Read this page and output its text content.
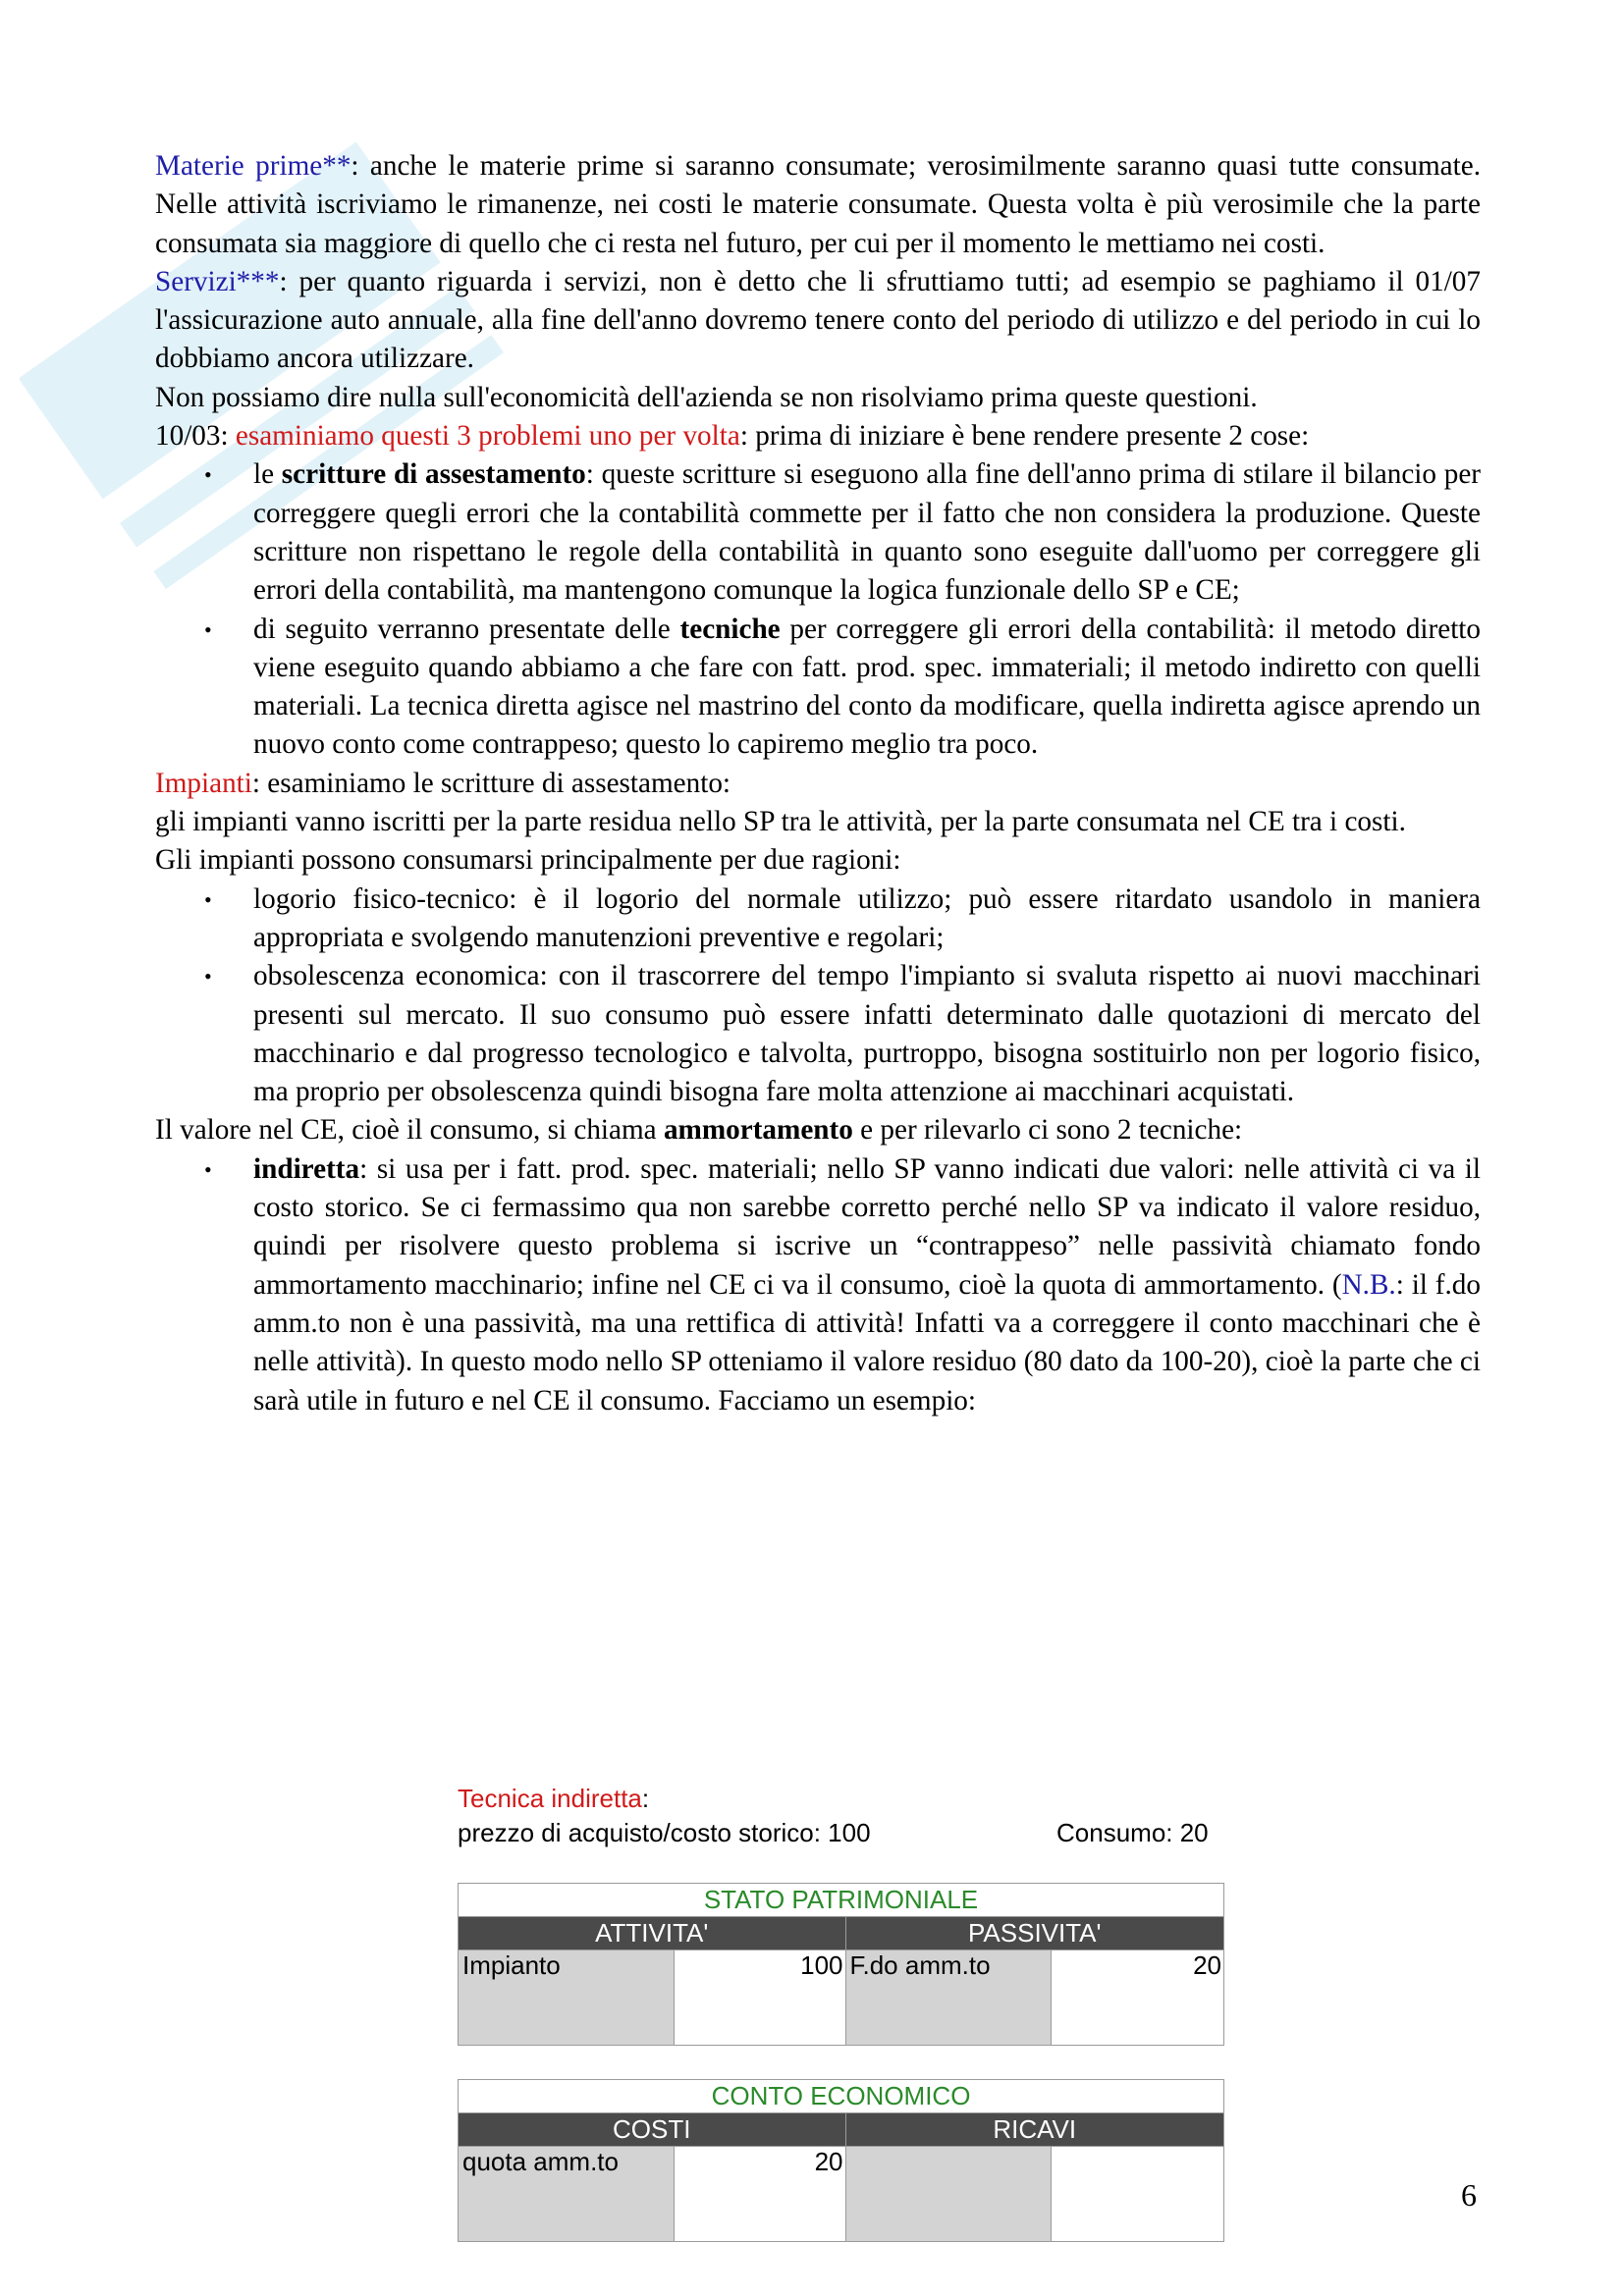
Materie prime**: anche le materie prime si saranno consumate; verosimilmente saranno quasi tutte consumate. Nelle attività iscriviamo le rimanenze, nei costi le materie consumate. Questa volta è più verosimile che la parte consumata sia maggiore di quello che ci resta nel futuro, per cui per il momento le mettiamo nei costi.

Servizi***: per quanto riguarda i servizi, non è detto che li sfruttiamo tutti; ad esempio se paghiamo il 01/07 l'assicurazione auto annuale, alla fine dell'anno dovremo tenere conto del periodo di utilizzo e del periodo in cui lo dobbiamo ancora utilizzare.

Non possiamo dire nulla sull'economicità dell'azienda se non risolviamo prima queste questioni.

10/03: esaminiamo questi 3 problemi uno per volta: prima di iniziare è bene rendere presente 2 cose:

• le scritture di assestamento: queste scritture si eseguono alla fine dell'anno prima di stilare il bilancio per correggere quegli errori che la contabilità commette per il fatto che non considera la produzione. Queste scritture non rispettano le regole della contabilità in quanto sono eseguite dall'uomo per correggere gli errori della contabilità, ma mantengono comunque la logica funzionale dello SP e CE;
• di seguito verranno presentate delle tecniche per correggere gli errori della contabilità: il metodo diretto viene eseguito quando abbiamo a che fare con fatt. prod. spec. immateriali; il metodo indiretto con quelli materiali. La tecnica diretta agisce nel mastrino del conto da modificare, quella indiretta agisce aprendo un nuovo conto come contrappeso; questo lo capiremo meglio tra poco.

Impianti: esaminiamo le scritture di assestamento:

gli impianti vanno iscritti per la parte residua nello SP tra le attività, per la parte consumata nel CE tra i costi.

Gli impianti possono consumarsi principalmente per due ragioni:

• logorio fisico-tecnico: è il logorio del normale utilizzo; può essere ritardato usandolo in maniera appropriata e svolgendo manutenzioni preventive e regolari;
• obsolescenza economica: con il trascorrere del tempo l'impianto si svaluta rispetto ai nuovi macchinari presenti sul mercato. Il suo consumo può essere infatti determinato dalle quotazioni di mercato del macchinario e dal progresso tecnologico e talvolta, purtroppo, bisogna sostituirlo non per logorio fisico, ma proprio per obsolescenza quindi bisogna fare molta attenzione ai macchinari acquistati.

Il valore nel CE, cioè il consumo, si chiama ammortamento e per rilevarlo ci sono 2 tecniche:

• indiretta: si usa per i fatt. prod. spec. materiali; nello SP vanno indicati due valori: nelle attività ci va il costo storico. Se ci fermassimo qua non sarebbe corretto perché nello SP va indicato il valore residuo, quindi per risolvere questo problema si iscrive un “contrappeso” nelle passività chiamato fondo ammortamento macchinario; infine nel CE ci va il consumo, cioè la quota di ammortamento. (N.B.: il f.do amm.to non è una passività, ma una rettifica di attività! Infatti va a correggere il conto macchinari che è nelle attività). In questo modo nello SP otteniamo il valore residuo (80 dato da 100-20), cioè la parte che ci sarà utile in futuro e nel CE il consumo. Facciamo un esempio:
Tecnica indiretta:
prezzo di acquisto/costo storico: 100	Consumo: 20
STATO PATRIMONIALE			
ATTIVITA'		PASSIVITA'	
Impianto	100	F.do amm.to	20
CONTO ECONOMICO			
COSTI		RICAVI	
quota amm.to	20		
6
